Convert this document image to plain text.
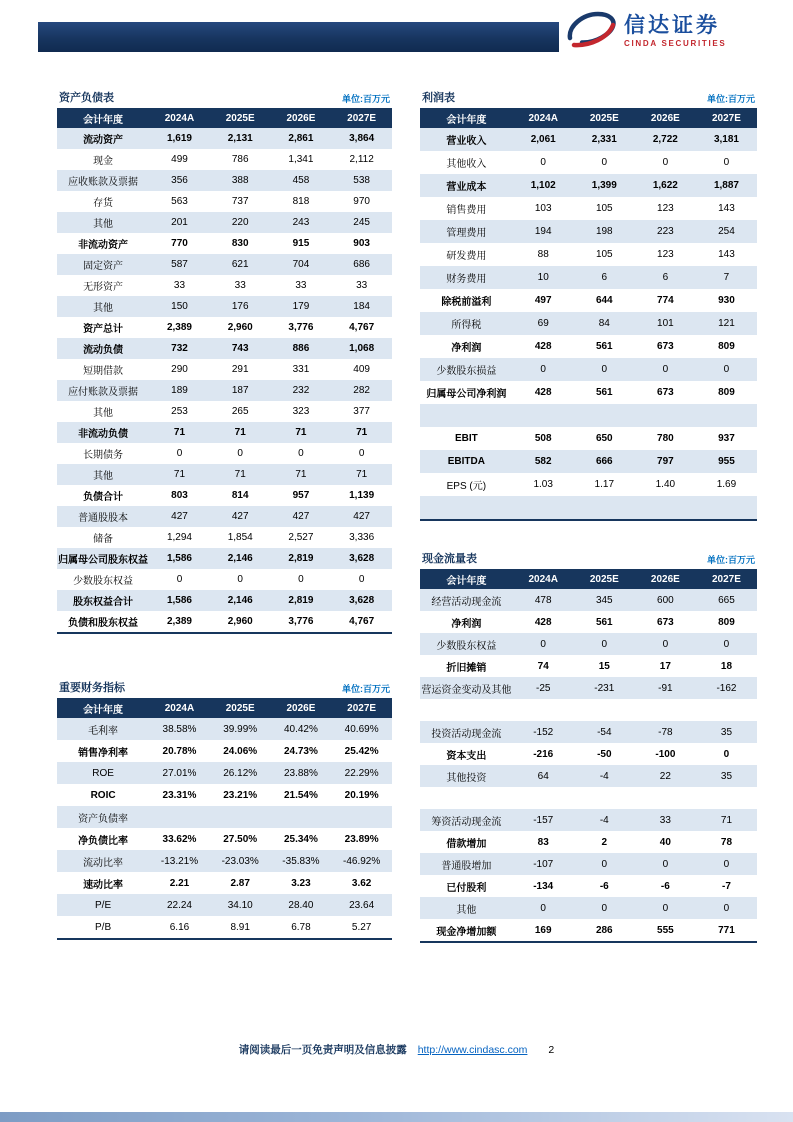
信达证券
CINDA SECURITIES
资产负债表	单位:百万元
会计年度	2024A	2025E	2026E	2027E
流动资产	1,619	2,131	2,861	3,864
现金	499	786	1,341	2,112
应收账款及票据	356	388	458	538
存货	563	737	818	970
其他	201	220	243	245
非流动资产	770	830	915	903
固定资产	587	621	704	686
无形资产	33	33	33	33
其他	150	176	179	184
资产总计	2,389	2,960	3,776	4,767
流动负债	732	743	886	1,068
短期借款	290	291	331	409
应付账款及票据	189	187	232	282
其他	253	265	323	377
非流动负债	71	71	71	71
长期债务	0	0	0	0
其他	71	71	71	71
负债合计	803	814	957	1,139
普通股股本	427	427	427	427
储备	1,294	1,854	2,527	3,336
归属母公司股东权益	1,586	2,146	2,819	3,628
少数股东权益	0	0	0	0
股东权益合计	1,586	2,146	2,819	3,628
负债和股东权益	2,389	2,960	3,776	4,767
重要财务指标	单位:百万元
会计年度	2024A	2025E	2026E	2027E
毛利率	38.58%	39.99%	40.42%	40.69%
销售净利率	20.78%	24.06%	24.73%	25.42%
ROE	27.01%	26.12%	23.88%	22.29%
ROIC	23.31%	23.21%	21.54%	20.19%
资产负债率				
净负债比率	33.62%	27.50%	25.34%	23.89%
流动比率	-13.21%	-23.03%	-35.83%	-46.92%
速动比率	2.21	2.87	3.23	3.62
P/E	22.24	34.10	28.40	23.64
P/B	6.16	8.91	6.78	5.27
利润表	单位:百万元
会计年度	2024A	2025E	2026E	2027E
营业收入	2,061	2,331	2,722	3,181
其他收入	0	0	0	0
营业成本	1,102	1,399	1,622	1,887
销售费用	103	105	123	143
管理费用	194	198	223	254
研发费用	88	105	123	143
财务费用	10	6	6	7
除税前溢利	497	644	774	930
所得税	69	84	101	121
净利润	428	561	673	809
少数股东损益	0	0	0	0
归属母公司净利润	428	561	673	809

EBIT	508	650	780	937
EBITDA	582	666	797	955
EPS (元)	1.03	1.17	1.40	1.69

现金流量表	单位:百万元
会计年度	2024A	2025E	2026E	2027E
经营活动现金流	478	345	600	665
净利润	428	561	673	809
少数股东权益	0	0	0	0
折旧摊销	74	15	17	18
营运资金变动及其他	-25	-231	-91	-162

投资活动现金流	-152	-54	-78	35
资本支出	-216	-50	-100	0
其他投资	64	-4	22	35

筹资活动现金流	-157	-4	33	71
借款增加	83	2	40	78
普通股增加	-107	0	0	0
已付股利	-134	-6	-6	-7
其他	0	0	0	0
现金净增加额	169	286	555	771
请阅读最后一页免责声明及信息披露 http://www.cindasc.com 2
